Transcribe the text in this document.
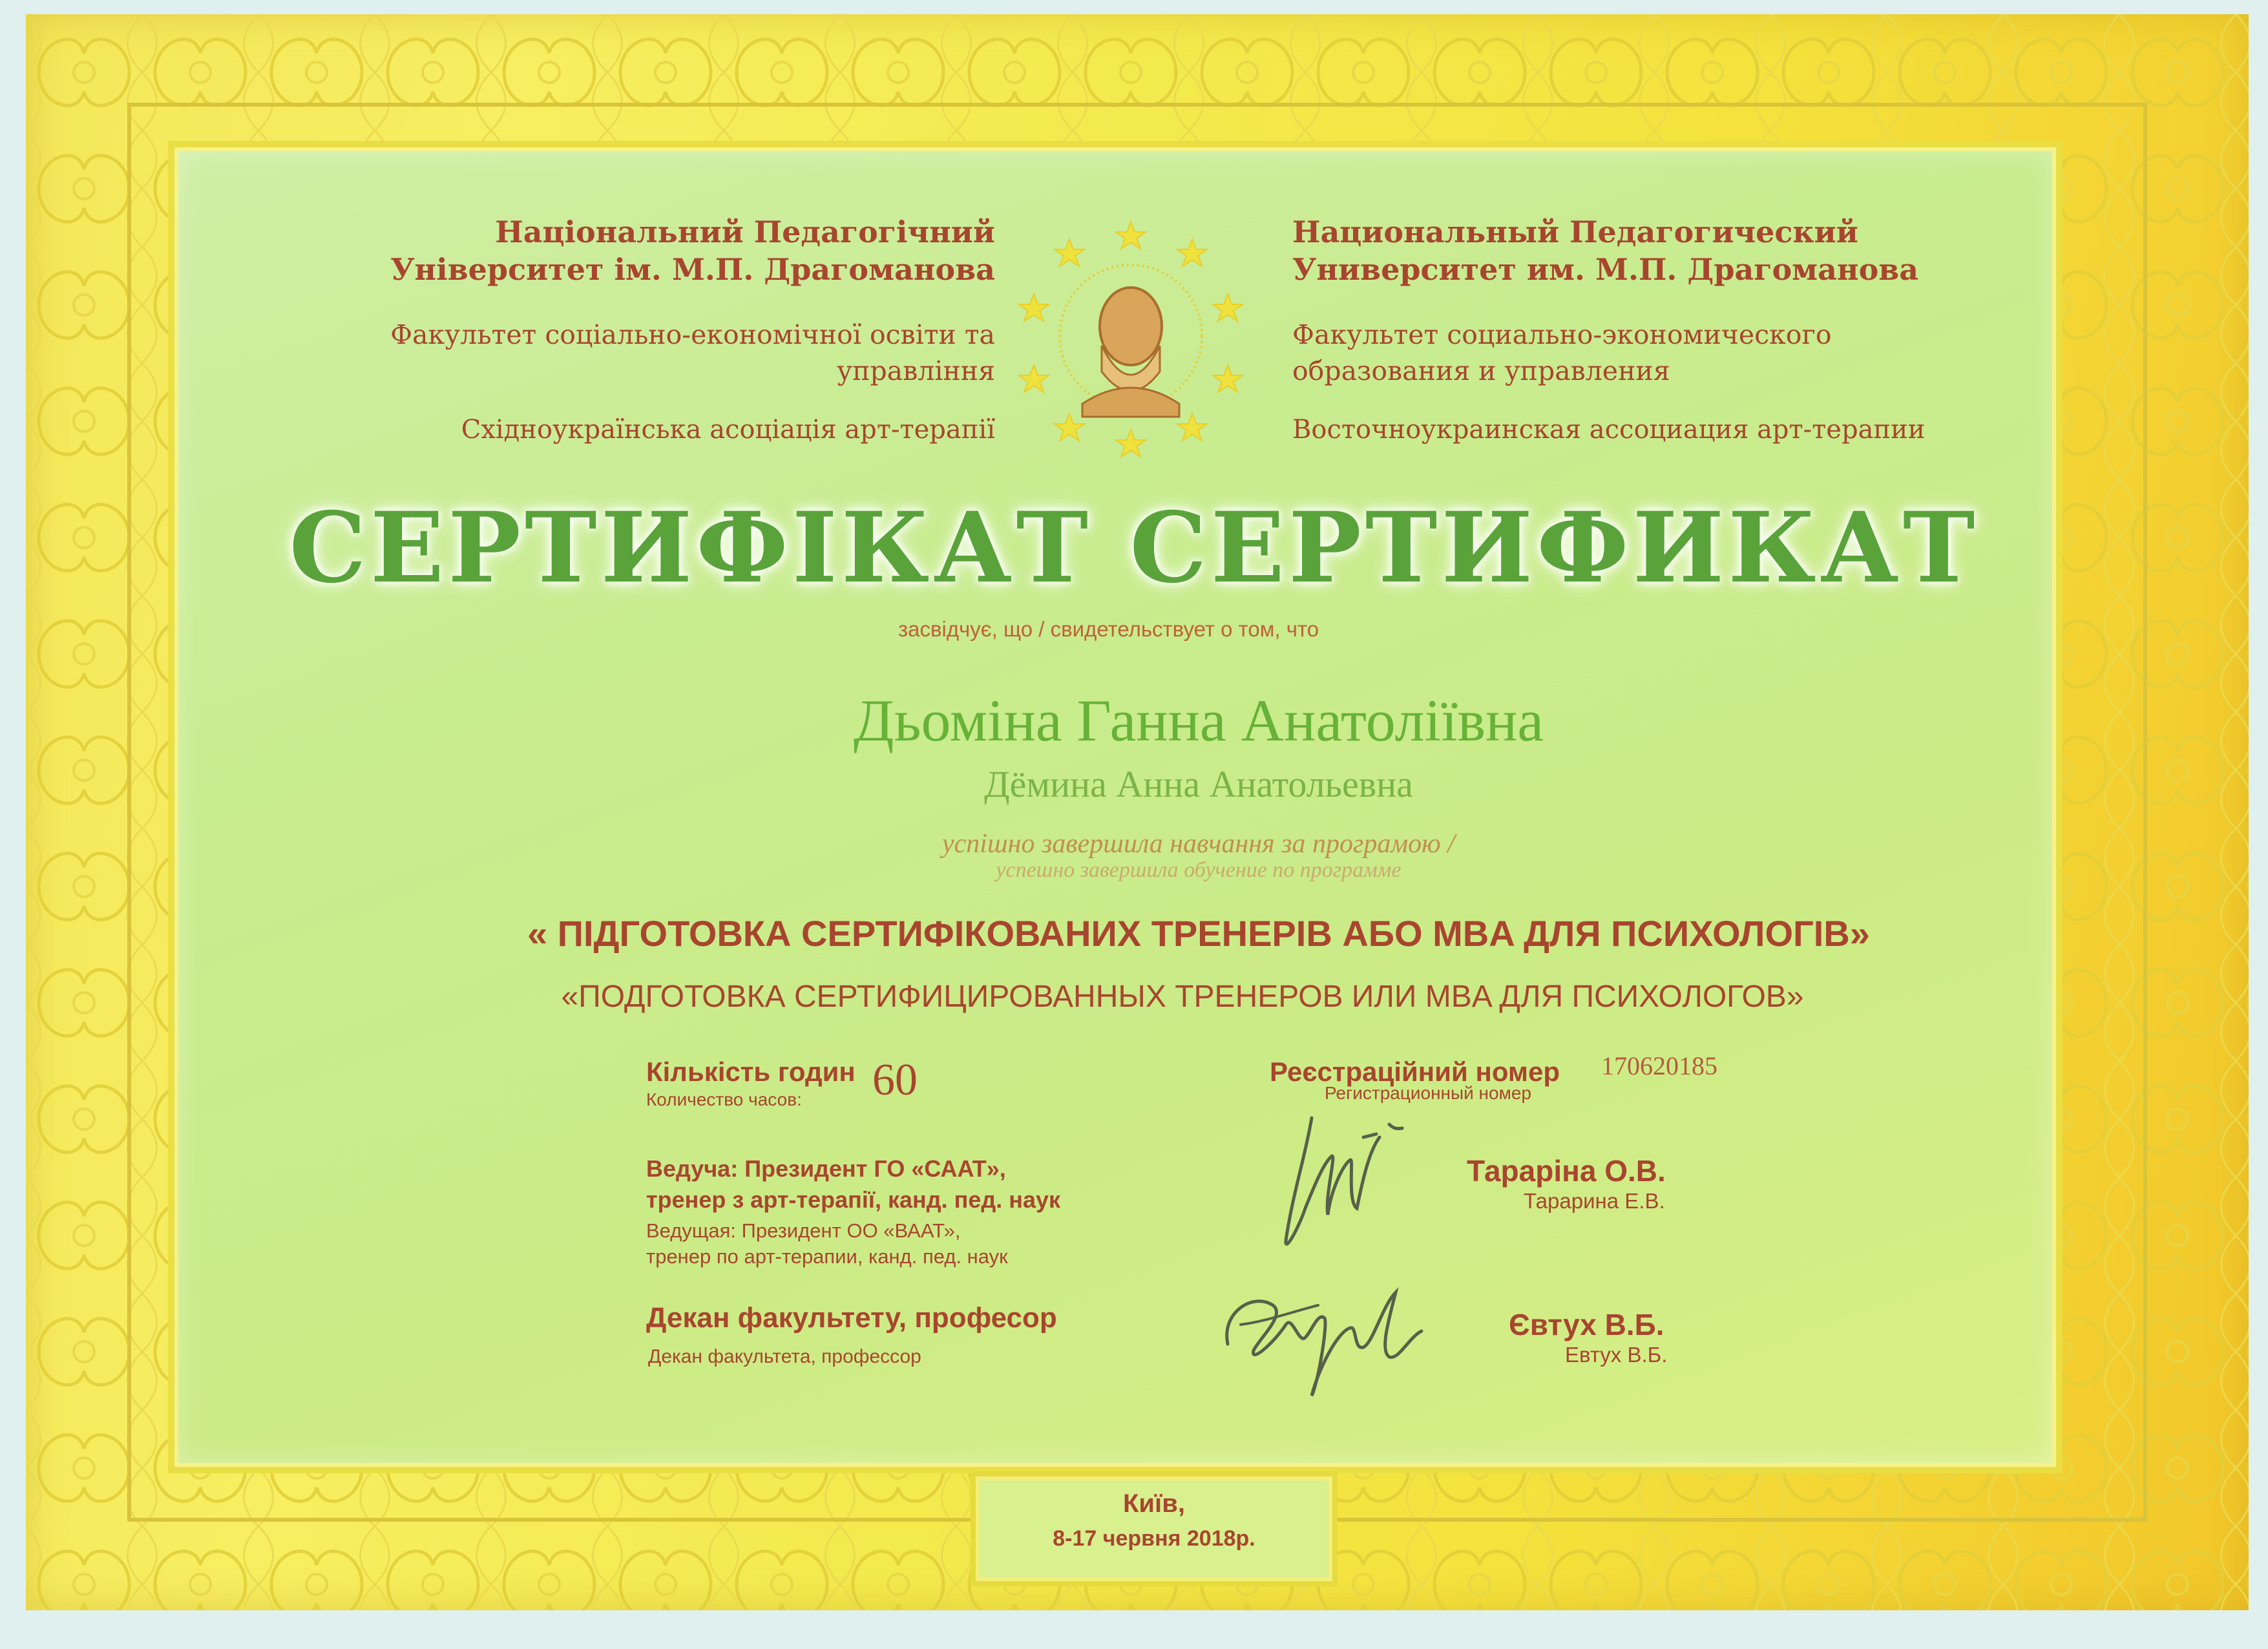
Національний Педагогічний
Університет ім. М.П. Драгоманова
Факультет соціально-економічної освіти та
управління
Східноукраїнська асоціація арт-терапії
Национальный Педагогический
Университет им. М.П. Драгоманова
Факультет социально-экономического
образования и управления
Восточноукраинская ассоциация арт-терапии
СЕРТИФІКАТ СЕРТИФИКАТ
засвідчує, що / свидетельствует о том, что
Дьоміна Ганна Анатоліївна
Дёмина Анна Анатольевна
успішно завершила навчання за програмою /
успешно завершила обучение по программе
« ПІДГОТОВКА СЕРТИФІКОВАНИХ ТРЕНЕРІВ АБО MBA ДЛЯ ПСИХОЛОГІВ»
«ПОДГОТОВКА СЕРТИФИЦИРОВАННЫХ ТРЕНЕРОВ ИЛИ MBA ДЛЯ ПСИХОЛОГОВ»
Кількість годин
Количество часов: 60	Реєстраційний номер
Регистрационный номер
170620185
Ведуча: Президент ГО «САAT»,
тренер з арт-терапії, канд. пед. наук
Ведущая: Президент ОО «ВААТ»,
тренер по арт-терапии, канд. пед. наук
Тарарiна О.В.
Тарарина Е.В.
Декан факультету, професор
Декан факультета, профессор
Євтух В.Б.
Евтух В.Б.
Київ,
8-17 червня 2018р.
